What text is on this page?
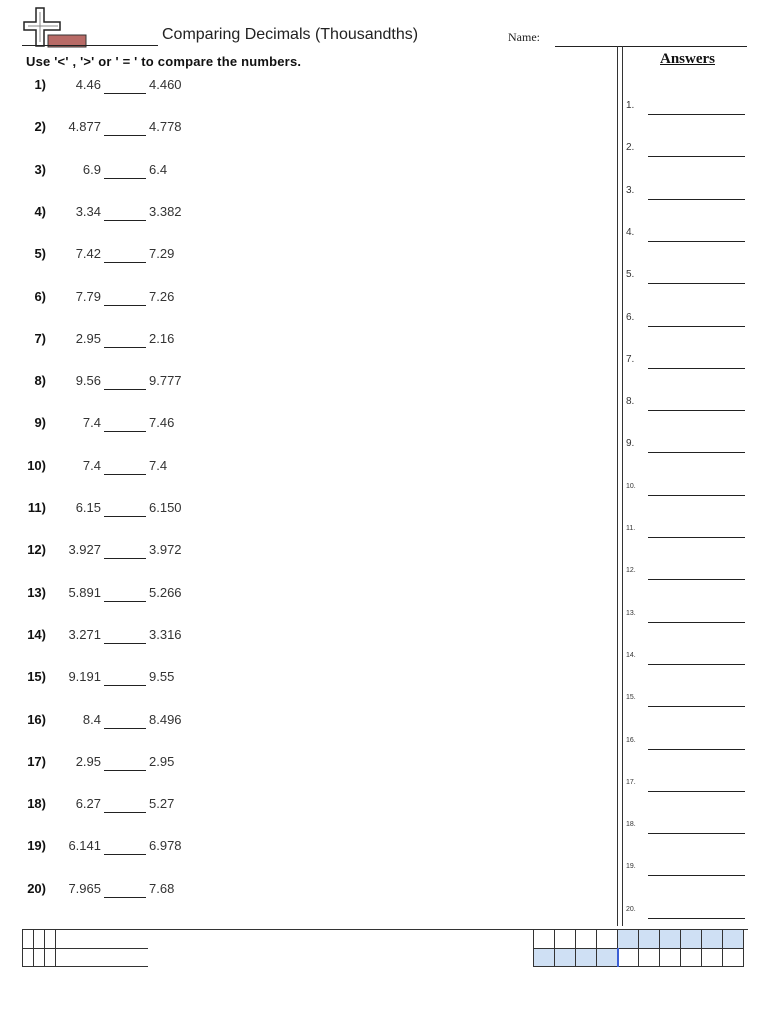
Comparing Decimals (Thousandths)	Name:
Use '<' , '>' or ' = ' to compare the numbers.
1)	4.46	4.460
2)	4.877	4.778
3)	6.9	6.4
4)	3.34	3.382
5)	7.42	7.29
6)	7.79	7.26
7)	2.95	2.16
8)	9.56	9.777
9)	7.4	7.46
10)	7.4	7.4
11)	6.15	6.150
12)	3.927	3.972
13)	5.891	5.266
14)	3.271	3.316
15)	9.191	9.55
16)	8.4	8.496
17)	2.95	2.95
18)	6.27	5.27
19)	6.141	6.978
20)	7.965	7.68
Answers
1.
2.
3.
4.
5.
6.
7.
8.
9.
10.
11.
12.
13.
14.
15.
16.
17.
18.
19.
20.
